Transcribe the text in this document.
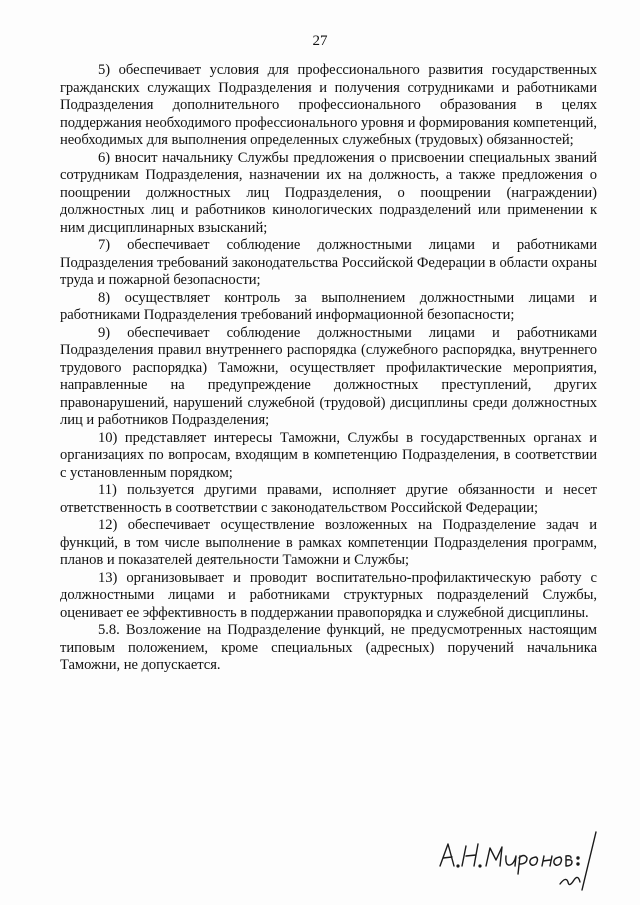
27

5) обеспечивает условия для профессионального развития государственных гражданских служащих Подразделения и получения сотрудниками и работниками Подразделения дополнительного профессионального образования в целях поддержания необходимого профессионального уровня и формирования компетенций, необходимых для выполнения определенных служебных (трудовых) обязанностей;

6) вносит начальнику Службы предложения о присвоении специальных званий сотрудникам Подразделения, назначении их на должность, а также предложения о поощрении должностных лиц Подразделения, о поощрении (награждении) должностных лиц и работников кинологических подразделений или применении к ним дисциплинарных взысканий;

7) обеспечивает соблюдение должностными лицами и работниками Подразделения требований законодательства Российской Федерации в области охраны труда и пожарной безопасности;

8) осуществляет контроль за выполнением должностными лицами и работниками Подразделения требований информационной безопасности;

9) обеспечивает соблюдение должностными лицами и работниками Подразделения правил внутреннего распорядка (служебного распорядка, внутреннего трудового распорядка) Таможни, осуществляет профилактические мероприятия, направленные на предупреждение должностных преступлений, других правонарушений, нарушений служебной (трудовой) дисциплины среди должностных лиц и работников Подразделения;

10) представляет интересы Таможни, Службы в государственных органах и организациях по вопросам, входящим в компетенцию Подразделения, в соответствии с установленным порядком;

11) пользуется другими правами, исполняет другие обязанности и несет ответственность в соответствии с законодательством Российской Федерации;

12) обеспечивает осуществление возложенных на Подразделение задач и функций, в том числе выполнение в рамках компетенции Подразделения программ, планов и показателей деятельности Таможни и Службы;

13) организовывает и проводит воспитательно-профилактическую работу с должностными лицами и работниками структурных подразделений Службы, оценивает ее эффективность в поддержании правопорядка и служебной дисциплины.

5.8. Возложение на Подразделение функций, не предусмотренных настоящим типовым положением, кроме специальных (адресных) поручений начальника Таможни, не допускается.
